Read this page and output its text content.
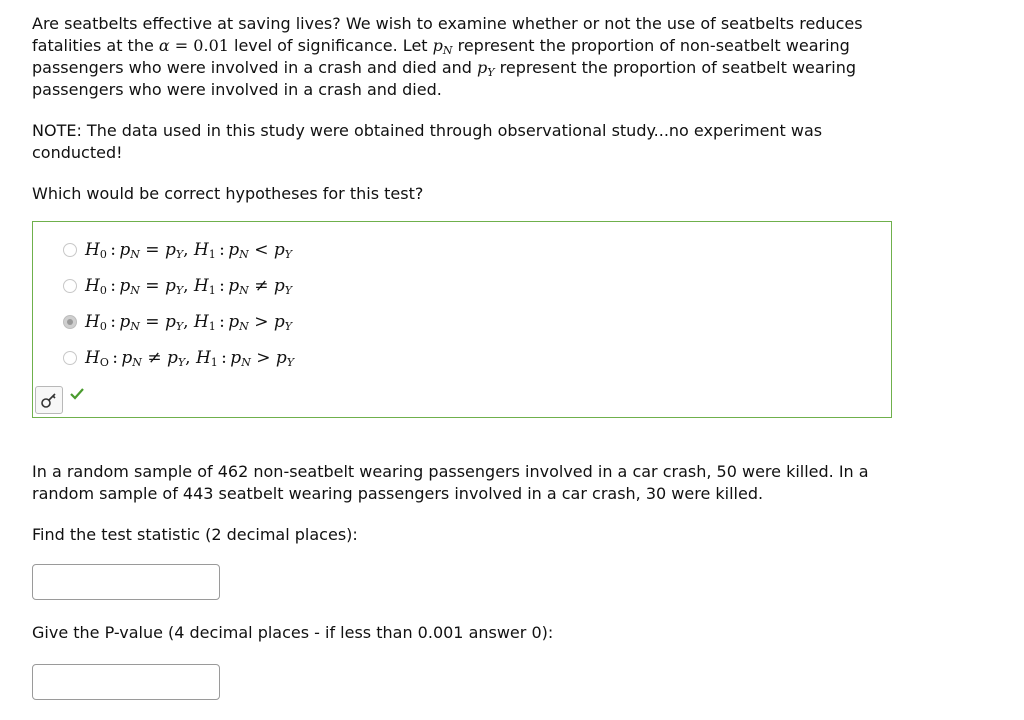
Are seatbelts effective at saving lives? We wish to examine whether or not the use of seatbelts reduces
fatalities at the α = 0.01 level of significance. Let $p_N$ represent the proportion of non-seatbelt wearing
passengers who were involved in a crash and died and $p_Y$ represent the proportion of seatbelt wearing
passengers who were involved in a crash and died.

NOTE: The data used in this study were obtained through observational study...no experiment was conducted!

Which would be correct hypotheses for this test?

$H_0$ : $p_N = p_Y$, $H_1$ : $p_N < p_Y$
$H_0$ : $p_N = p_Y$, $H_1$ : $p_N \ne p_Y$
$H_0$ : $p_N = p_Y$, $H_1$ : $p_N > p_Y$
$H_O$ : $p_N \ne p_Y$, $H_1$ : $p_N > p_Y$

In a random sample of 462 non-seatbelt wearing passengers involved in a car crash, 50 were killed. In a random sample of 443 seatbelt wearing passengers involved in a car crash, 30 were killed.

Find the test statistic (2 decimal places):

Give the P-value (4 decimal places - if less than 0.001 answer 0):
